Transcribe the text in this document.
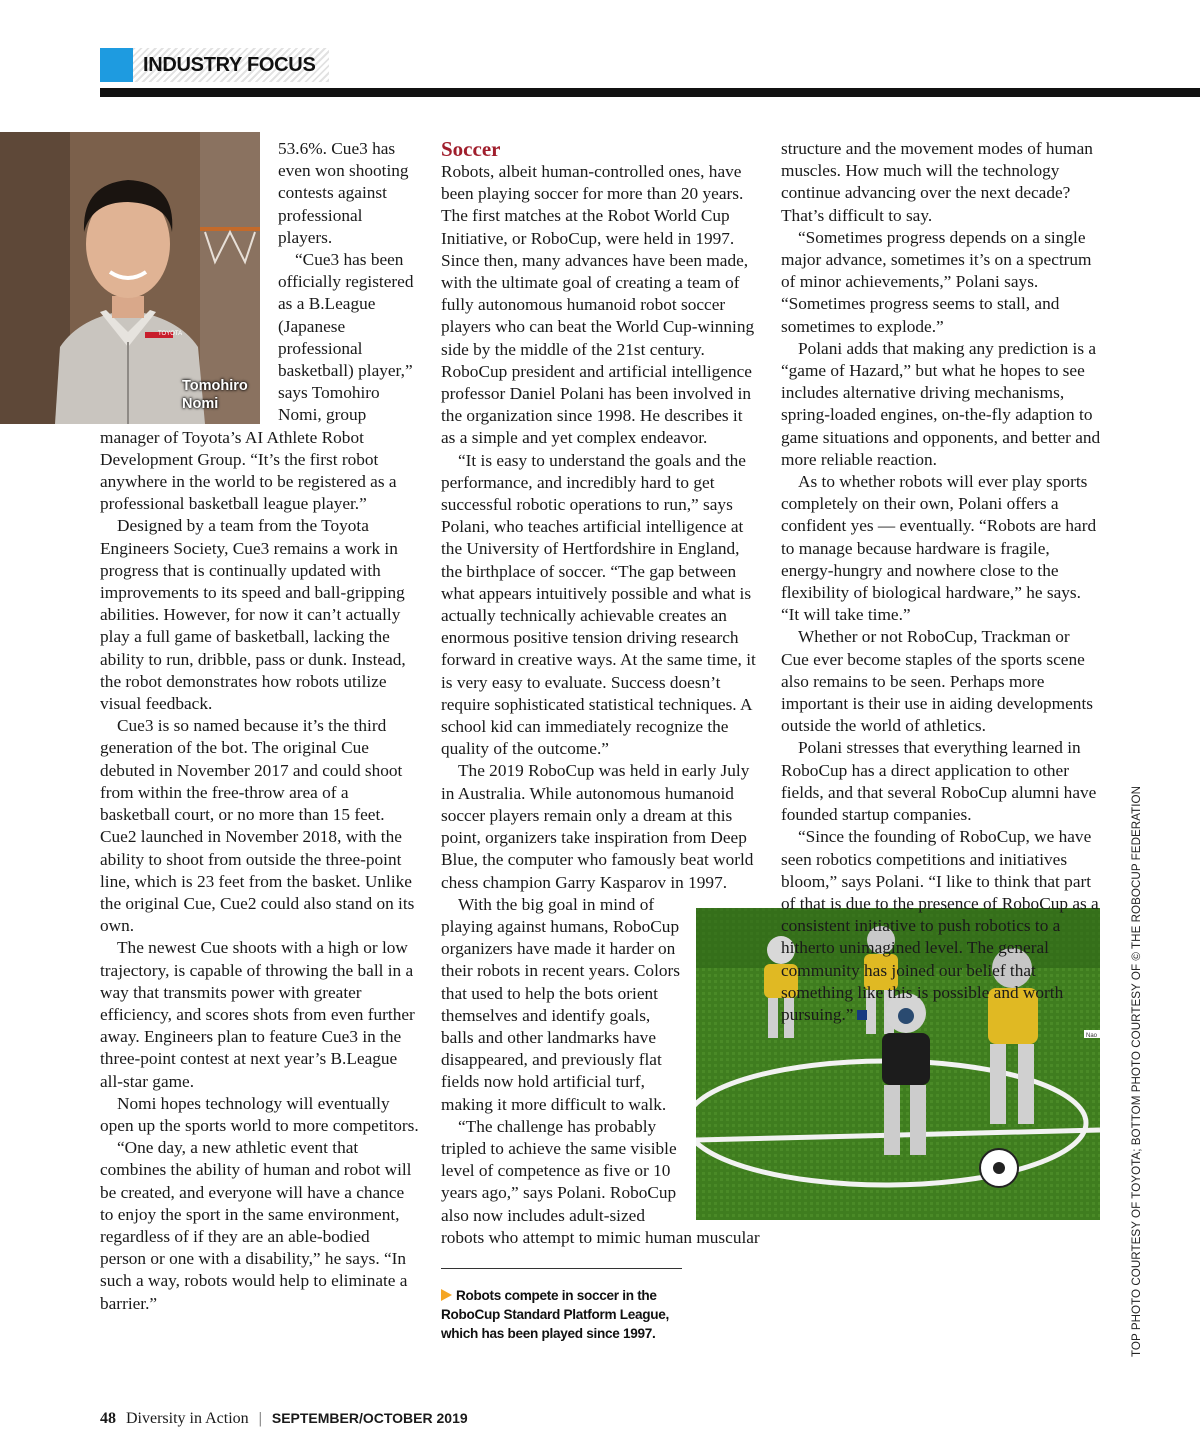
INDUSTRY FOCUS
TOYOTA
Tomohiro Nomi

53.6%. Cue3 has even won shooting contests against professional players.

“Cue3 has been officially registered as a B.League (Japanese professional basketball) player,” says Tomohiro Nomi, group manager of Toyota’s AI Athlete Robot Development Group. “It’s the first robot anywhere in the world to be registered as a professional basketball league player.”

Designed by a team from the Toyota Engineers Society, Cue3 remains a work in progress that is continually updated with improvements to its speed and ball-gripping abilities. However, for now it can’t actually play a full game of basketball, lacking the ability to run, dribble, pass or dunk. Instead, the robot demonstrates how robots utilize visual feedback.

Cue3 is so named because it’s the third generation of the bot. The original Cue debuted in November 2017 and could shoot from within the free-throw area of a basketball court, or no more than 15 feet. Cue2 launched in November 2018, with the ability to shoot from outside the three-point line, which is 23 feet from the basket. Unlike the original Cue, Cue2 could also stand on its own.

The newest Cue shoots with a high or low trajectory, is capable of throwing the ball in a way that transmits power with greater efficiency, and scores shots from even further away. Engineers plan to feature Cue3 in the three-point contest at next year’s B.League all-star game.

Nomi hopes technology will eventually open up the sports world to more competitors.

“One day, a new athletic event that combines the ability of human and robot will be created, and everyone will have a chance to enjoy the sport in the same environment, regardless of if they are an able-bodied person or one with a disability,” he says. “In such a way, robots would help to eliminate a barrier.”

Soccer

Robots, albeit human-controlled ones, have been playing soccer for more than 20 years. The first matches at the Robot World Cup Initiative, or RoboCup, were held in 1997. Since then, many advances have been made, with the ultimate goal of creating a team of fully autonomous humanoid robot soccer players who can beat the World Cup-winning side by the middle of the 21st century. RoboCup president and artificial intelligence professor Daniel Polani has been involved in the organization since 1998. He describes it as a simple and yet complex endeavor.

“It is easy to understand the goals and the performance, and incredibly hard to get successful robotic operations to run,” says Polani, who teaches artificial intelligence at the University of Hertfordshire in England, the birthplace of soccer. “The gap between what appears intuitively possible and what is actually technically achievable creates an enormous positive tension driving research forward in creative ways. At the same time, it is very easy to evaluate. Success doesn’t require sophisticated statistical techniques. A school kid can immediately recognize the quality of the outcome.”

The 2019 RoboCup was held in early July in Australia. While autonomous humanoid soccer players remain only a dream at this point, organizers take inspiration from Deep Blue, the computer who famously beat world chess champion Garry Kasparov in 1997.

Nao

With the big goal in mind of playing against humans, RoboCup organizers have made it harder on their robots in recent years. Colors that used to help the bots orient themselves and identify goals, balls and other landmarks have disappeared, and previously flat fields now hold artificial turf, making it more difficult to walk.

“The challenge has probably tripled to achieve the same visible level of competence as five or 10 years ago,” says Polani. RoboCup also now includes adult-sized robots who attempt to mimic human muscular

structure and the movement modes of human muscles. How much will the technology continue advancing over the next decade? That’s difficult to say.

“Sometimes progress depends on a single major advance, sometimes it’s on a spectrum of minor achievements,” Polani says. “Sometimes progress seems to stall, and sometimes to explode.”

Polani adds that making any prediction is a “game of Hazard,” but what he hopes to see includes alternative driving mechanisms, spring-loaded engines, on-the-fly adaption to game situations and opponents, and better and more reliable reaction.

As to whether robots will ever play sports completely on their own, Polani offers a confident yes — eventually. “Robots are hard to manage because hardware is fragile, energy-hungry and nowhere close to the flexibility of biological hardware,” he says. “It will take time.”

Whether or not RoboCup, Trackman or Cue ever become staples of the sports scene also remains to be seen. Perhaps more important is their use in aiding developments outside the world of athletics.

Polani stresses that everything learned in RoboCup has a direct application to other fields, and that several RoboCup alumni have founded startup companies.

“Since the founding of RoboCup, we have seen robotics competitions and initiatives bloom,” says Polani. “I like to think that part of that is due to the presence of RoboCup as a consistent initiative to push robotics to a hitherto unimagined level. The general community has joined our belief that something like this is possible and worth pursuing.”

Robots compete in soccer in the RoboCup Standard Platform League, which has been played since 1997.	TOP PHOTO COURTESY OF TOYOTA; BOTTOM PHOTO COURTESY OF © THE ROBOCUP FEDERATION
48 Diversity in Action | SEPTEMBER/OCTOBER 2019
